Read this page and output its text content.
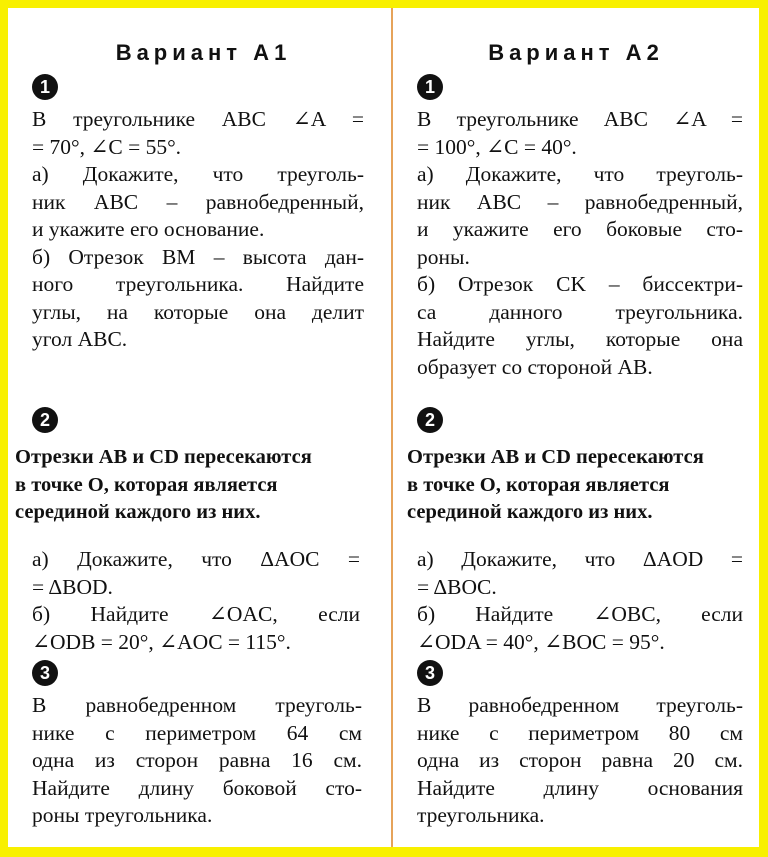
Вариант А1
1

В треугольнике ABC ∠A =

= 70°, ∠C = 55°.

а) Докажите, что треуголь-

ник ABC – равнобедренный,

и укажите его основание.

б) Отрезок BM – высота дан-

ного треугольника. Найдите

углы, на которые она делит

угол ABC.

2

Отрезки AB и CD пересекаются

в точке O, которая является

серединой каждого из них.

а) Докажите, что ΔAOC =

= ΔBOD.

б) Найдите ∠OAC, если

∠ODB = 20°, ∠AOC = 115°.

3

В равнобедренном треуголь-

нике с периметром 64 см

одна из сторон равна 16 см.

Найдите длину боковой сто-

роны треугольника.

Вариант А2
1

В треугольнике ABC ∠A =

= 100°, ∠C = 40°.

а) Докажите, что треуголь-

ник ABC – равнобедренный,

и укажите его боковые сто-

роны.

б) Отрезок CK – биссектри-

са данного треугольника.

Найдите углы, которые она

образует со стороной AB.

2

Отрезки AB и CD пересекаются

в точке O, которая является

серединой каждого из них.

а) Докажите, что ΔAOD =

= ΔBOC.

б) Найдите ∠OBC, если

∠ODA = 40°, ∠BOC = 95°.

3

В равнобедренном треуголь-

нике с периметром 80 см

одна из сторон равна 20 см.

Найдите длину основания

треугольника.
